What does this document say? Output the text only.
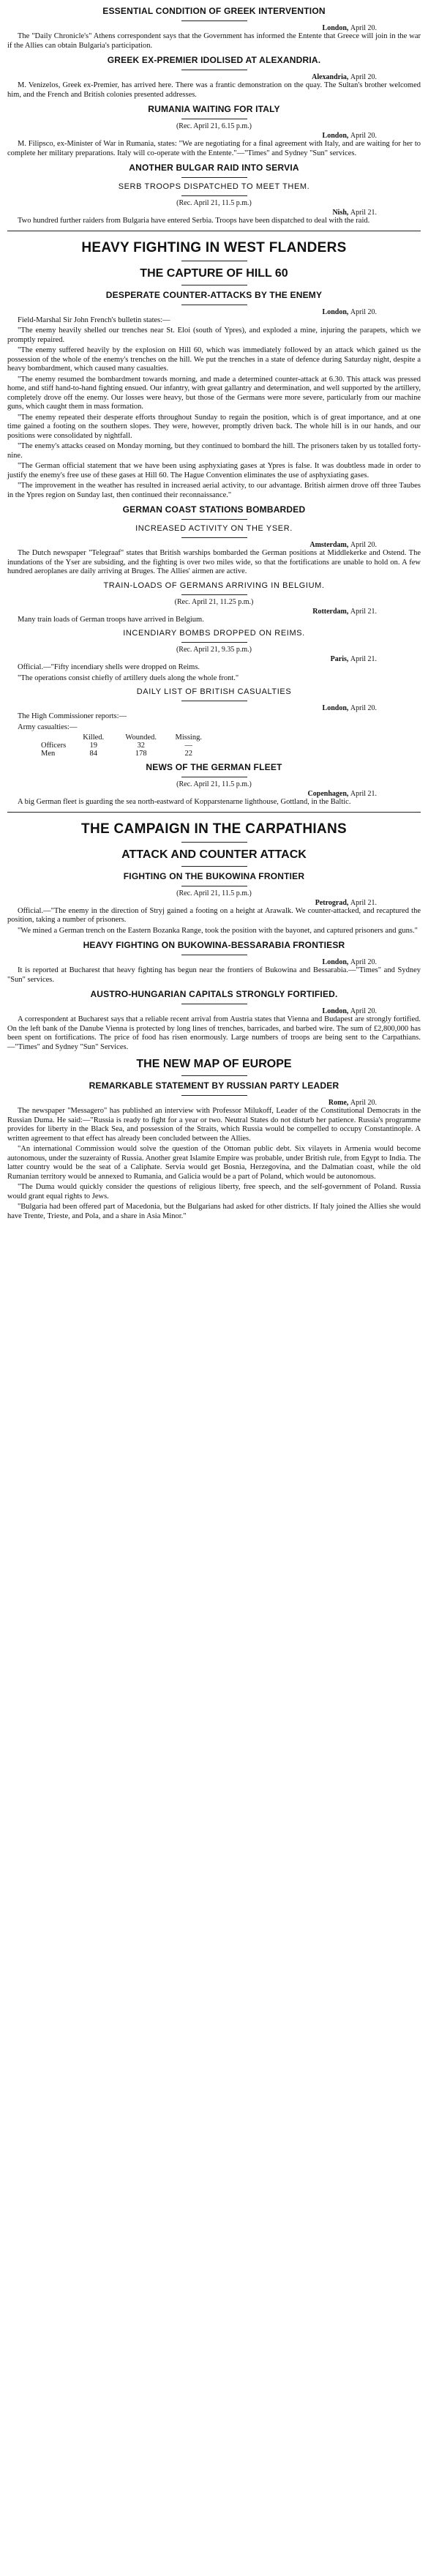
ESSENTIAL CONDITION OF GREEK INTERVENTION
London, April 20.

The "Daily Chronicle's" Athens correspondent says that the Government has informed the Entente that Greece will join in the war if the Allies can obtain Bulgaria's participation.

GREEK EX-PREMIER IDOLISED AT ALEXANDRIA.
Alexandria, April 20.

M. Venizelos, Greek ex-Premier, has arrived here. There was a frantic demonstration on the quay. The Sultan's brother welcomed him, and the French and British colonies presented addresses.

RUMANIA WAITING FOR ITALY
(Rec. April 21, 6.15 p.m.)
London, April 20.

M. Filipsco, ex-Minister of War in Rumania, states: "We are negotiating for a final agreement with Italy, and are waiting for her to complete her military preparations. Italy will co-operate with the Entente."—"Times" and Sydney "Sun" services.

ANOTHER BULGAR RAID INTO SERVIA
SERB TROOPS DISPATCHED TO MEET THEM.
(Rec. April 21, 11.5 p.m.)
Nish, April 21.

Two hundred further raiders from Bulgaria have entered Serbia. Troops have been dispatched to deal with the raid.

HEAVY FIGHTING IN WEST FLANDERS
THE CAPTURE OF HILL 60
DESPERATE COUNTER-ATTACKS BY THE ENEMY
London, April 20.

Field-Marshal Sir John French's bulletin states:—

"The enemy heavily shelled our trenches near St. Eloi (south of Ypres), and exploded a mine, injuring the parapets, which we promptly repaired.

"The enemy suffered heavily by the explosion on Hill 60, which was immediately followed by an attack which gained us the possession of the whole of the enemy's trenches on the hill. We put the trenches in a state of defence during Saturday night, despite a heavy bombardment, which caused many casualties.

"The enemy resumed the bombardment towards morning, and made a determined counter-attack at 6.30. This attack was pressed home, and stiff hand-to-hand fighting ensued. Our infantry, with great gallantry and determination, and well supported by the artillery, completely drove off the enemy. Our losses were heavy, but those of the Germans were more severe, particularly from our machine guns, which caught them in mass formation.

"The enemy repeated their desperate efforts throughout Sunday to regain the position, which is of great importance, and at one time gained a footing on the southern slopes. They were, however, promptly driven back. The whole hill is in our hands, and our positions were consolidated by nightfall.

"The enemy's attacks ceased on Monday morning, but they continued to bombard the hill. The prisoners taken by us totalled forty-nine.

"The German official statement that we have been using asphyxiating gases at Ypres is false. It was doubtless made in order to justify the enemy's free use of these gases at Hill 60. The Hague Convention eliminates the use of asphyxiating gases.

"The improvement in the weather has resulted in increased aerial activity, to our advantage. British airmen drove off three Taubes in the Ypres region on Sunday last, then continued their reconnaissance."

GERMAN COAST STATIONS BOMBARDED
INCREASED ACTIVITY ON THE YSER.
Amsterdam, April 20.

The Dutch newspaper "Telegraaf" states that British warships bombarded the German positions at Middlekerke and Ostend. The inundations of the Yser are subsiding, and the fighting is over two miles wide, so that the fortifications are unable to hold on. A few hundred aeroplanes are daily arriving at Bruges. The Allies' airmen are active.

TRAIN-LOADS OF GERMANS ARRIVING IN BELGIUM.
(Rec. April 21, 11.25 p.m.)
Rotterdam, April 21.

Many train loads of German troops have arrived in Belgium.

INCENDIARY BOMBS DROPPED ON REIMS.
(Rec. April 21, 9.35 p.m.)
Paris, April 21.

Official.—"Fifty incendiary shells were dropped on Reims.

"The operations consist chiefly of artillery duels along the whole front."

DAILY LIST OF BRITISH CASUALTIES
London, April 20.

The High Commissioner reports:—

Army casualties:—

	Killed.	Wounded.	Missing.
Officers	19	32	—
Men	84	178	22
NEWS OF THE GERMAN FLEET
(Rec. April 21, 11.5 p.m.)
Copenhagen, April 21.

A big German fleet is guarding the sea north-eastward of Kopparstenarne lighthouse, Gottland, in the Baltic.

THE CAMPAIGN IN THE CARPATHIANS
ATTACK AND COUNTER ATTACK
FIGHTING ON THE BUKOWINA FRONTIER
(Rec. April 21, 11.5 p.m.)
Petrograd, April 21.

Official.—"The enemy in the direction of Stryj gained a footing on a height at Arawalk. We counter-attacked, and recaptured the position, taking a number of prisoners.

"We mined a German trench on the Eastern Bozanka Range, took the position with the bayonet, and captured prisoners and guns."

HEAVY FIGHTING ON BUKOWINA-BESSARABIA FRONTIESR
London, April 20.

It is reported at Bucharest that heavy fighting has begun near the frontiers of Bukowina and Bessarabia.—"Times" and Sydney "Sun" services.

AUSTRO-HUNGARIAN CAPITALS STRONGLY FORTIFIED.
London, April 20.

A correspondent at Bucharest says that a reliable recent arrival from Austria states that Vienna and Budapest are strongly fortified. On the left bank of the Danube Vienna is protected by long lines of trenches, barricades, and barbed wire. The sum of £2,800,000 has been spent on fortifications. The price of food has risen enormously. Large numbers of troops are being sent to the Carpathians.—"Times" and Sydney "Sun" Services.

THE NEW MAP OF EUROPE
REMARKABLE STATEMENT BY RUSSIAN PARTY LEADER
Rome, April 20.

The newspaper "Messagero" has published an interview with Professor Milukoff, Leader of the Constitutional Democrats in the Russian Duma. He said:—"Russia is ready to fight for a year or two. Neutral States do not disturb her patience. Russia's programme provides for liberty in the Black Sea, and possession of the Straits, which Russia would be compelled to occupy Constantinople. A written agreement to that effect has already been concluded between the Allies.

"An international Commission would solve the question of the Ottoman public debt. Six vilayets in Armenia would become autonomous, under the suzerainty of Russia. Another great Islamite Empire was probable, under British rule, from Egypt to India. The latter country would be the seat of a Caliphate. Servia would get Bosnia, Herzegovina, and the Dalmatian coast, while the old Rumanian territory would be annexed to Rumania, and Galicia would be a part of Poland, which would be autonomous.

"The Duma would quickly consider the questions of religious liberty, free speech, and the self-government of Poland. Russia would grant equal rights to Jews.

"Bulgaria had been offered part of Macedonia, but the Bulgarians had asked for other districts. If Italy joined the Allies she would have Trente, Trieste, and Pola, and a share in Asia Minor."
